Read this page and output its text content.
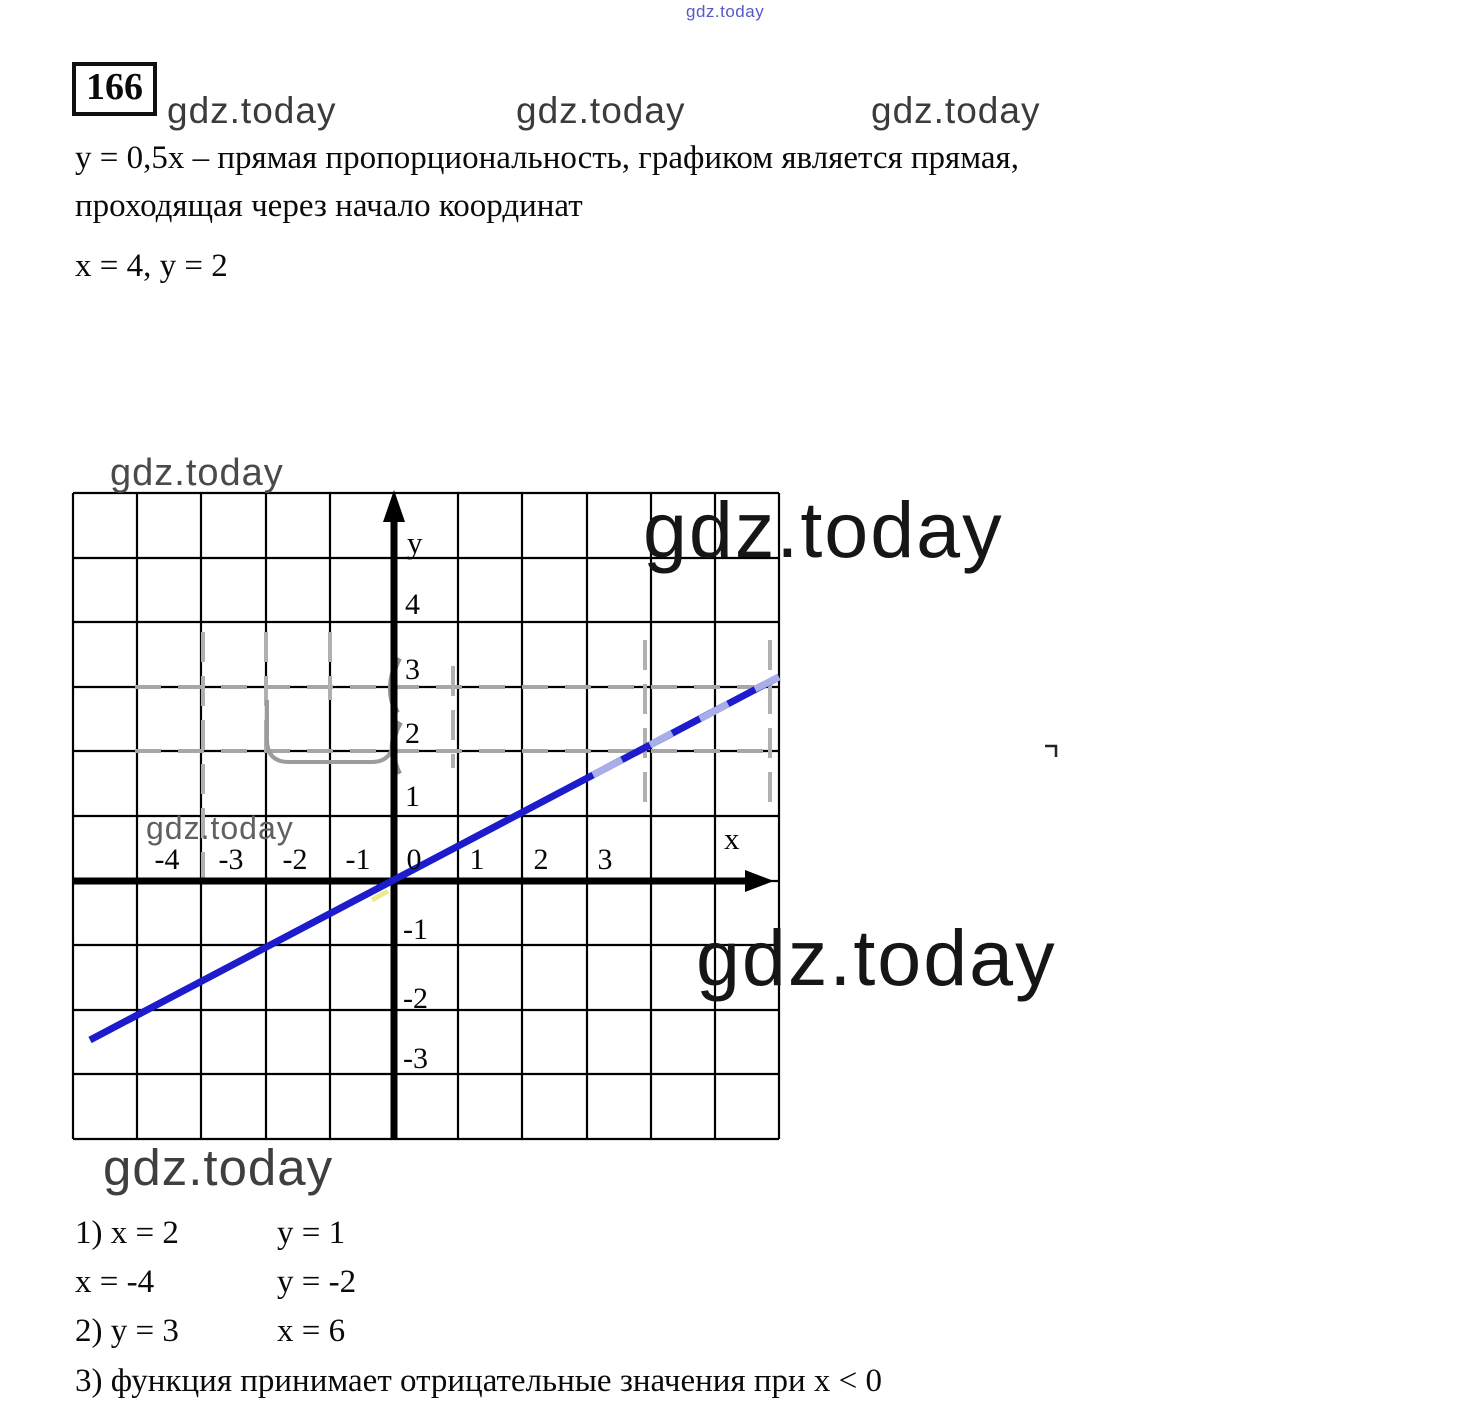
-4 -3 -2 -1 0 1 2 3
4
3
2
1
-1
-2
-3
x
y
gdz.today
gdz.today	gdz.today	gdz.today
gdz.today
gdz.today
gdz.today
gdz.today
gdz.today
166
y = 0,5x – прямая пропорциональность, графиком является прямая,
проходящая через начало координат
x = 4, y = 2
1) x = 2	y = 1
x = -4	y = -2
2) y = 3	x = 6
3) функция принимает отрицательные значения при x < 0
